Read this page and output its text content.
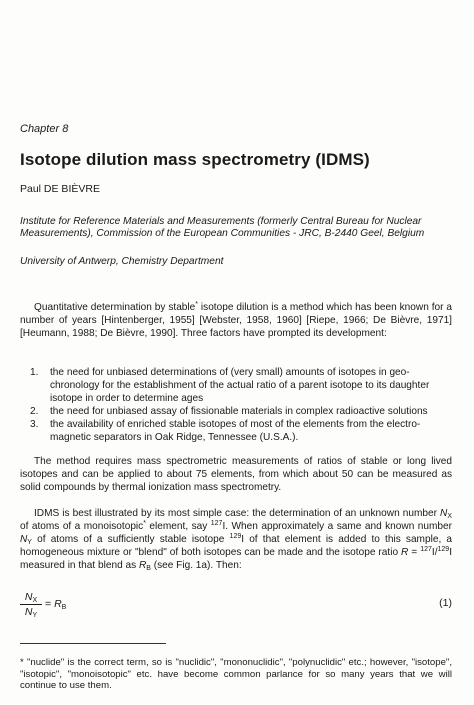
Chapter 8
Isotope dilution mass spectrometry (IDMS)
Paul DE BIÈVRE
Institute for Reference Materials and Measurements (formerly Central Bureau for Nuclear Measurements), Commission of the European Communities - JRC, B-2440 Geel, Belgium
University of Antwerp, Chemistry Department
Quantitative determination by stable* isotope dilution is a method which has been known for a number of years [Hintenberger, 1955] [Webster, 1958, 1960] [Riepe, 1966; De Bièvre, 1971] [Heumann, 1988; De Bièvre, 1990]. Three factors have prompted its development:
1. the need for unbiased determinations of (very small) amounts of isotopes in geo-chronology for the establishment of the actual ratio of a parent isotope to its daughter isotope in order to determine ages
2. the need for unbiased assay of fissionable materials in complex radioactive solutions
3. the availability of enriched stable isotopes of most of the elements from the electro-magnetic separators in Oak Ridge, Tennessee (U.S.A.).
The method requires mass spectrometric measurements of ratios of stable or long lived isotopes and can be applied to about 75 elements, from which about 50 can be measured as solid compounds by thermal ionization mass spectrometry.
IDMS is best illustrated by its most simple case: the determination of an unknown number $N_X$ of atoms of a monoisotopic* element, say $^{127}$I. When approximately a same and known number $N_Y$ of atoms of a sufficiently stable isotope $^{129}$I of that element is added to this sample, a homogeneous mixture or "blend" of both isotopes can be made and the isotope ratio R = $^{127}$I/$^{129}$I measured in that blend as $R_B$ (see Fig. 1a). Then:
$N_X$
$N_Y$
= $R_B$	(1)
* "nuclide" is the correct term, so is "nuclidic", "mononuclidic", "polynuclidic" etc.; however, "isotope", "isotopic", "monoisotopic" etc. have become common parlance for so many years that we will continue to use them.
